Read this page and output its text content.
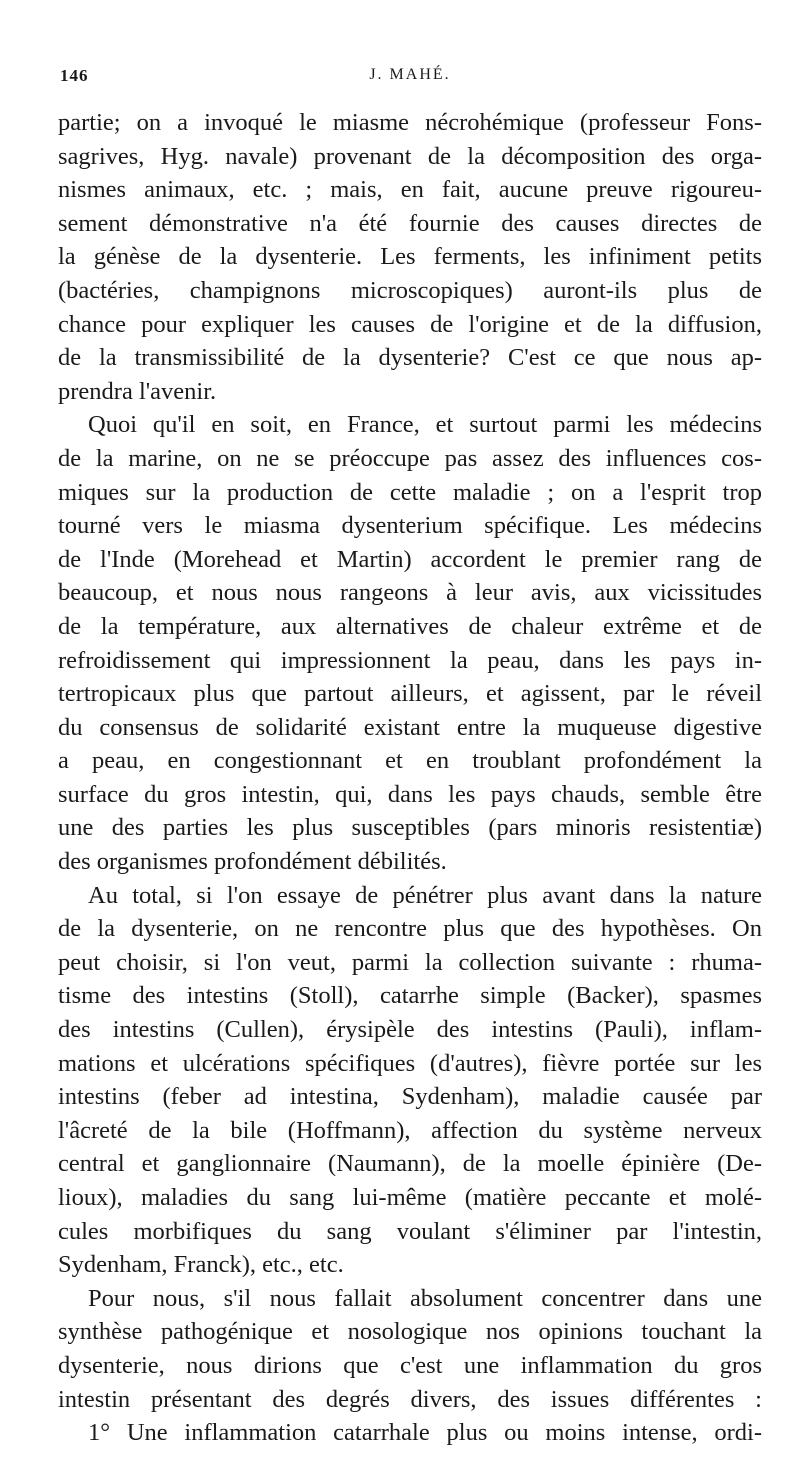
146	J. MAHÉ.
partie; on a invoqué le miasme nécrohémique (professeur Fons-
sagrives, Hyg. navale) provenant de la décomposition des orga-
nismes animaux, etc. ; mais, en fait, aucune preuve rigoureu-
sement démonstrative n'a été fournie des causes directes de
la génèse de la dysenterie. Les ferments, les infiniment petits
(bactéries, champignons microscopiques) auront-ils plus de
chance pour expliquer les causes de l'origine et de la diffusion,
de la transmissibilité de la dysenterie? C'est ce que nous ap-
prendra l'avenir.
Quoi qu'il en soit, en France, et surtout parmi les médecins
de la marine, on ne se préoccupe pas assez des influences cos-
miques sur la production de cette maladie ; on a l'esprit trop
tourné vers le miasma dysenterium spécifique. Les médecins
de l'Inde (Morehead et Martin) accordent le premier rang de
beaucoup, et nous nous rangeons à leur avis, aux vicissitudes
de la température, aux alternatives de chaleur extrême et de
refroidissement qui impressionnent la peau, dans les pays in-
tertropicaux plus que partout ailleurs, et agissent, par le réveil
du consensus de solidarité existant entre la muqueuse digestive
a peau, en congestionnant et en troublant profondément la
surface du gros intestin, qui, dans les pays chauds, semble être
une des parties les plus susceptibles (pars minoris resistentiæ)
des organismes profondément débilités.
Au total, si l'on essaye de pénétrer plus avant dans la nature
de la dysenterie, on ne rencontre plus que des hypothèses. On
peut choisir, si l'on veut, parmi la collection suivante : rhuma-
tisme des intestins (Stoll), catarrhe simple (Backer), spasmes
des intestins (Cullen), érysipèle des intestins (Pauli), inflam-
mations et ulcérations spécifiques (d'autres), fièvre portée sur les
intestins (feber ad intestina, Sydenham), maladie causée par
l'âcreté de la bile (Hoffmann), affection du système nerveux
central et ganglionnaire (Naumann), de la moelle épinière (De-
lioux), maladies du sang lui-même (matière peccante et molé-
cules morbifiques du sang voulant s'éliminer par l'intestin,
Sydenham, Franck), etc., etc.
Pour nous, s'il nous fallait absolument concentrer dans une
synthèse pathogénique et nosologique nos opinions touchant la
dysenterie, nous dirions que c'est une inflammation du gros
intestin présentant des degrés divers, des issues différentes :
1° Une inflammation catarrhale plus ou moins intense, ordi-
